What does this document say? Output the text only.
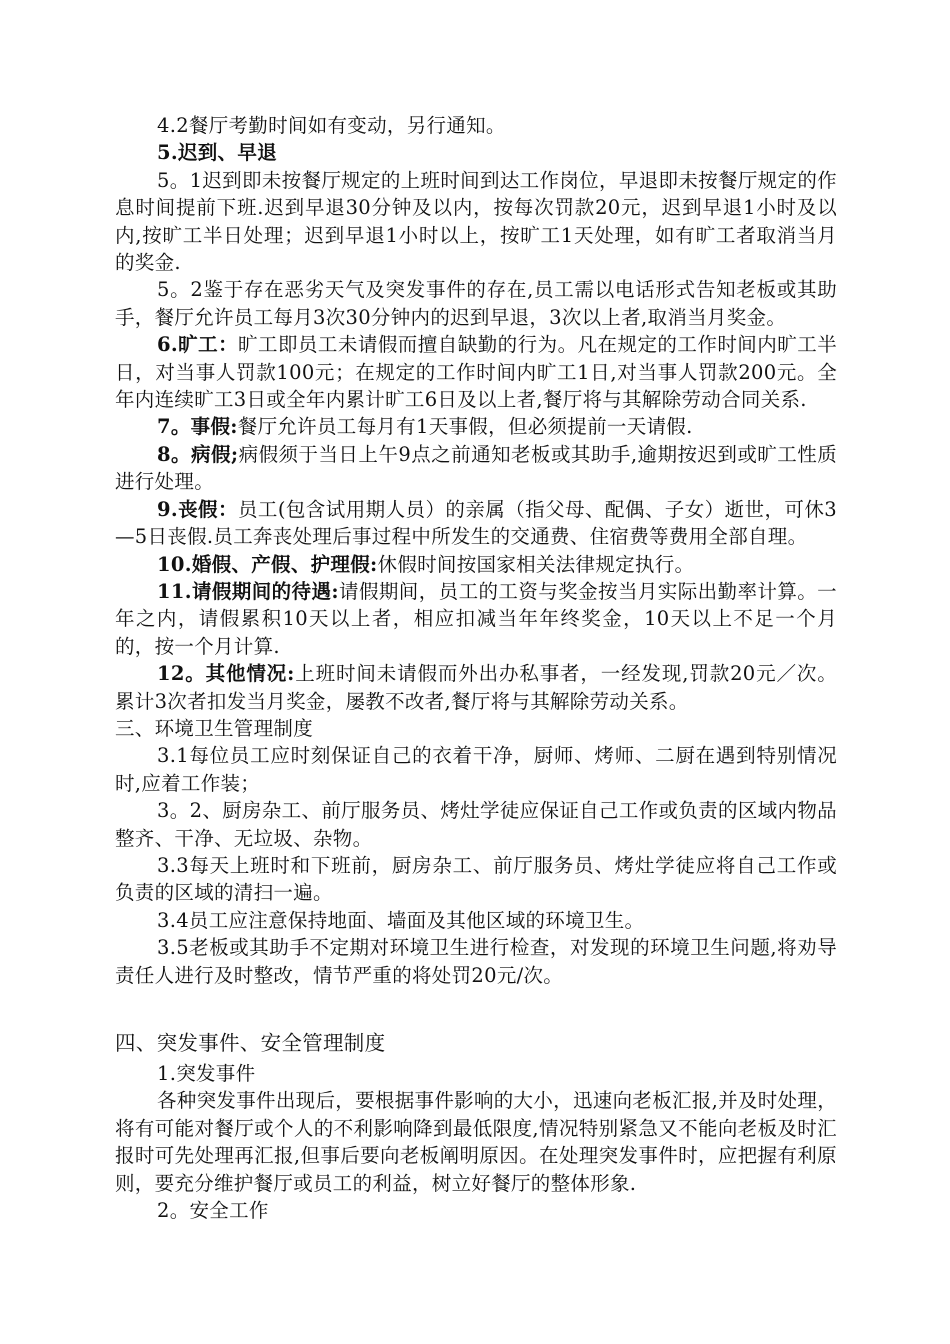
4.2餐厅考勤时间如有变动，另行通知。

5.迟到、早退

5。1迟到即未按餐厅规定的上班时间到达工作岗位，早退即未按餐厅规定的作息时间提前下班.迟到早退30分钟及以内，按每次罚款20元，迟到早退1小时及以内,按旷工半日处理；迟到早退1小时以上，按旷工1天处理，如有旷工者取消当月的奖金.

5。2鉴于存在恶劣天气及突发事件的存在,员工需以电话形式告知老板或其助手，餐厅允许员工每月3次30分钟内的迟到早退，3次以上者,取消当月奖金。

6.旷工：旷工即员工未请假而擅自缺勤的行为。凡在规定的工作时间内旷工半日，对当事人罚款100元；在规定的工作时间内旷工1日,对当事人罚款200元。全年内连续旷工3日或全年内累计旷工6日及以上者,餐厅将与其解除劳动合同关系.

7。事假:餐厅允许员工每月有1天事假，但必须提前一天请假.

8。病假;病假须于当日上午9点之前通知老板或其助手,逾期按迟到或旷工性质进行处理。

9.丧假：员工(包含试用期人员）的亲属（指父母、配偶、子女）逝世，可休3—5日丧假.员工奔丧处理后事过程中所发生的交通费、住宿费等费用全部自理。

10.婚假、产假、护理假:休假时间按国家相关法律规定执行。

11.请假期间的待遇:请假期间，员工的工资与奖金按当月实际出勤率计算。一年之内，请假累积10天以上者，相应扣减当年年终奖金，10天以上不足一个月的，按一个月计算.

12。其他情况:上班时间未请假而外出办私事者，一经发现,罚款20元／次。累计3次者扣发当月奖金，屡教不改者,餐厅将与其解除劳动关系。

三、环境卫生管理制度

3.1每位员工应时刻保证自己的衣着干净，厨师、烤师、二厨在遇到特别情况时,应着工作装；

3。2、厨房杂工、前厅服务员、烤灶学徒应保证自己工作或负责的区域内物品整齐、干净、无垃圾、杂物。

3.3每天上班时和下班前，厨房杂工、前厅服务员、烤灶学徒应将自己工作或负责的区域的清扫一遍。

3.4员工应注意保持地面、墙面及其他区域的环境卫生。

3.5老板或其助手不定期对环境卫生进行检查，对发现的环境卫生问题,将劝导责任人进行及时整改，情节严重的将处罚20元/次。

四、突发事件、安全管理制度

1.突发事件

各种突发事件出现后，要根据事件影响的大小，迅速向老板汇报,并及时处理，将有可能对餐厅或个人的不利影响降到最低限度,情况特别紧急又不能向老板及时汇报时可先处理再汇报,但事后要向老板阐明原因。在处理突发事件时，应把握有利原则，要充分维护餐厅或员工的利益，树立好餐厅的整体形象.

2。安全工作
